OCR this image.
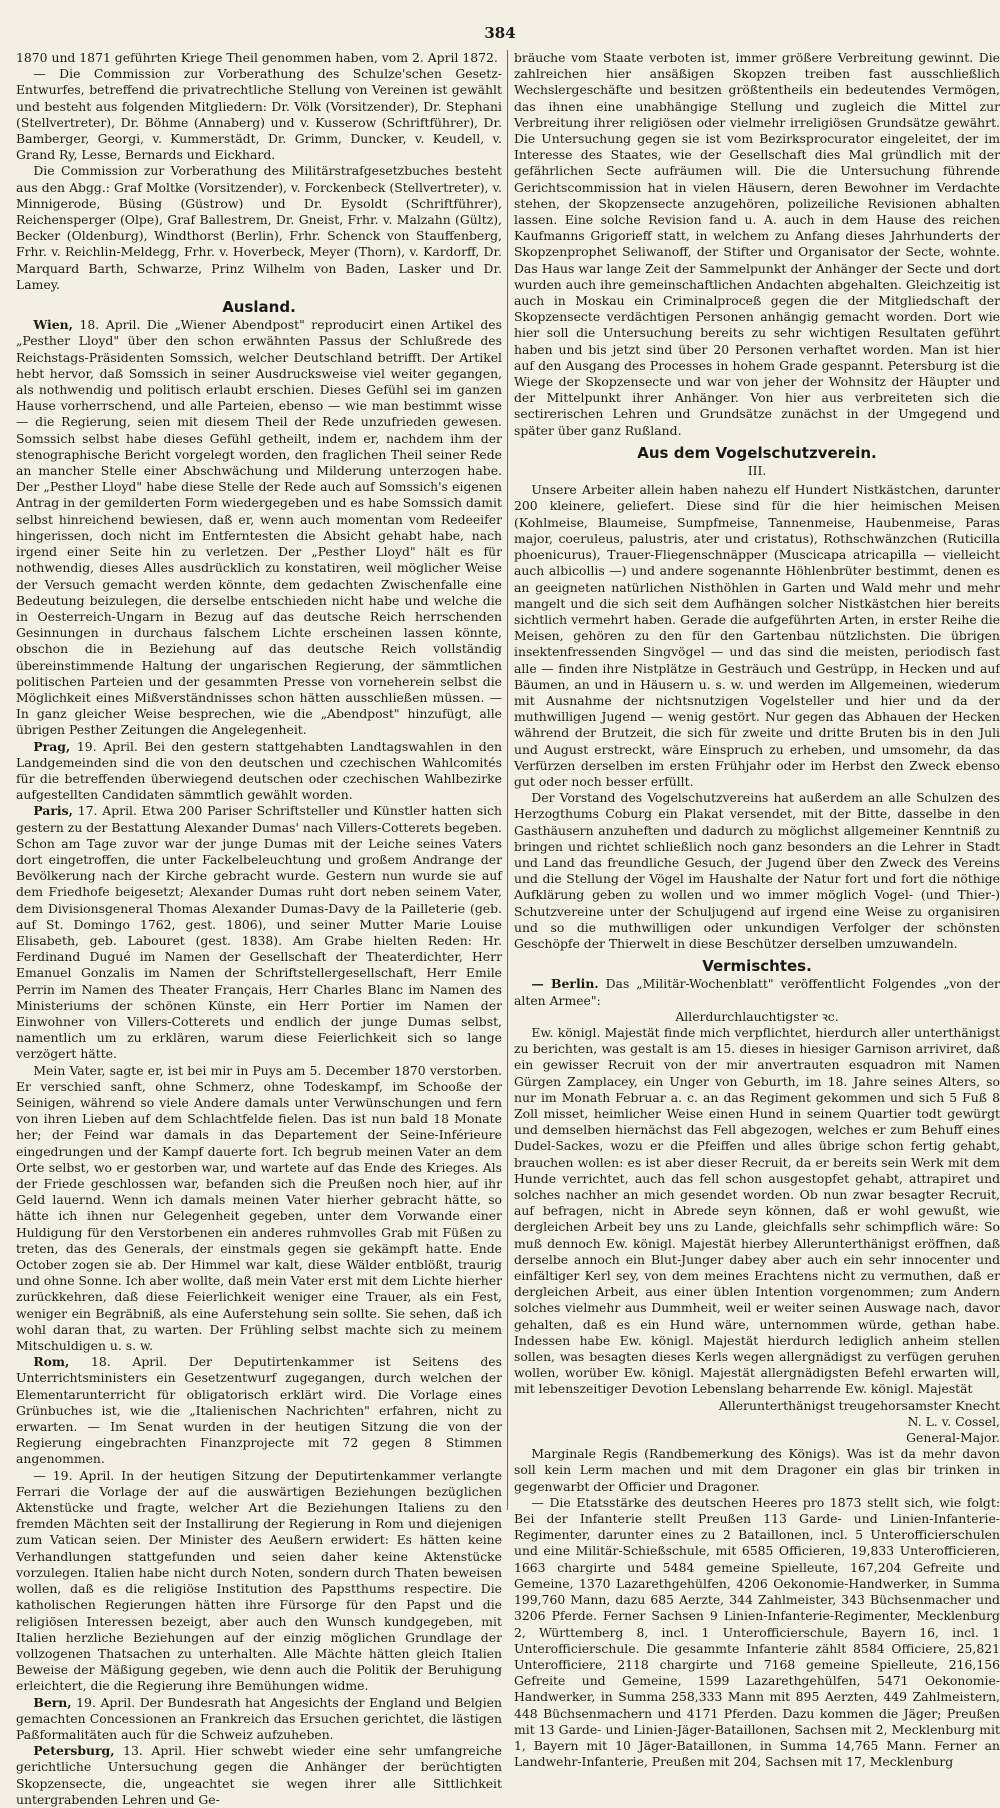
384

1870 und 1871 geführten Kriege Theil genommen haben, vom 2. April 1872.

— Die Commission zur Vorberathung des Schulze'schen Gesetz-Entwurfes, betreffend die privatrechtliche Stellung von Vereinen ist gewählt und besteht aus folgenden Mitgliedern: Dr. Völk (Vorsitzender), Dr. Stephani (Stellvertreter), Dr. Böhme (Annaberg) und v. Kusserow (Schriftführer), Dr. Bamberger, Georgi, v. Kummerstädt, Dr. Grimm, Duncker, v. Keudell, v. Grand Ry, Lesse, Bernards und Eickhard.

Die Commission zur Vorberathung des Militärstrafgesetzbuches besteht aus den Abgg.: Graf Moltke (Vorsitzender), v. Forckenbeck (Stellvertreter), v. Minnigerode, Büsing (Güstrow) und Dr. Eysoldt (Schriftführer), Reichensperger (Olpe), Graf Ballestrem, Dr. Gneist, Frhr. v. Malzahn (Gültz), Becker (Oldenburg), Windthorst (Berlin), Frhr. Schenck von Stauffenberg, Frhr. v. Reichlin-Meldegg, Frhr. v. Hoverbeck, Meyer (Thorn), v. Kardorff, Dr. Marquard Barth, Schwarze, Prinz Wilhelm von Baden, Lasker und Dr. Lamey.

Ausland.

Wien, 18. April. Die „Wiener Abendpost" reproducirt einen Artikel des „Pesther Lloyd" über den schon erwähnten Passus der Schlußrede des Reichstags-Präsidenten Somssich, welcher Deutschland betrifft. Der Artikel hebt hervor, daß Somssich in seiner Ausdrucksweise viel weiter gegangen, als nothwendig und politisch erlaubt erschien. Dieses Gefühl sei im ganzen Hause vorherrschend, und alle Parteien, ebenso — wie man bestimmt wisse — die Regierung, seien mit diesem Theil der Rede unzufrieden gewesen. Somssich selbst habe dieses Gefühl getheilt, indem er, nachdem ihm der stenographische Bericht vorgelegt worden, den fraglichen Theil seiner Rede an mancher Stelle einer Abschwächung und Milderung unterzogen habe. Der „Pesther Lloyd" habe diese Stelle der Rede auch auf Somssich's eigenen Antrag in der gemilderten Form wiedergegeben und es habe Somssich damit selbst hinreichend bewiesen, daß er, wenn auch momentan vom Redeeifer hingerissen, doch nicht im Entferntesten die Absicht gehabt habe, nach irgend einer Seite hin zu verletzen. Der „Pesther Lloyd" hält es für nothwendig, dieses Alles ausdrücklich zu konstatiren, weil möglicher Weise der Versuch gemacht werden könnte, dem gedachten Zwischenfalle eine Bedeutung beizulegen, die derselbe entschieden nicht habe und welche die in Oesterreich-Ungarn in Bezug auf das deutsche Reich herrschenden Gesinnungen in durchaus falschem Lichte erscheinen lassen könnte, obschon die in Beziehung auf das deutsche Reich vollständig übereinstimmende Haltung der ungarischen Regierung, der sämmtlichen politischen Parteien und der gesammten Presse von vorneherein selbst die Möglichkeit eines Mißverständnisses schon hätten ausschließen müssen. — In ganz gleicher Weise besprechen, wie die „Abendpost" hinzufügt, alle übrigen Pesther Zeitungen die Angelegenheit.

Prag, 19. April. Bei den gestern stattgehabten Landtagswahlen in den Landgemeinden sind die von den deutschen und czechischen Wahlcomités für die betreffenden überwiegend deutschen oder czechischen Wahlbezirke aufgestellten Candidaten sämmtlich gewählt worden.

Paris, 17. April. Etwa 200 Pariser Schriftsteller und Künstler hatten sich gestern zu der Bestattung Alexander Dumas' nach Villers-Cotterets begeben. Schon am Tage zuvor war der junge Dumas mit der Leiche seines Vaters dort eingetroffen, die unter Fackelbeleuchtung und großem Andrange der Bevölkerung nach der Kirche gebracht wurde. Gestern nun wurde sie auf dem Friedhofe beigesetzt; Alexander Dumas ruht dort neben seinem Vater, dem Divisionsgeneral Thomas Alexander Dumas-Davy de la Pailleterie (geb. auf St. Domingo 1762, gest. 1806), und seiner Mutter Marie Louise Elisabeth, geb. Labouret (gest. 1838). Am Grabe hielten Reden: Hr. Ferdinand Dugué im Namen der Gesellschaft der Theaterdichter, Herr Emanuel Gonzalis im Namen der Schriftstellergesellschaft, Herr Emile Perrin im Namen des Theater Français, Herr Charles Blanc im Namen des Ministeriums der schönen Künste, ein Herr Portier im Namen der Einwohner von Villers-Cotterets und endlich der junge Dumas selbst, namentlich um zu erklären, warum diese Feierlichkeit sich so lange verzögert hätte.

Mein Vater, sagte er, ist bei mir in Puys am 5. December 1870 verstorben. Er verschied sanft, ohne Schmerz, ohne Todeskampf, im Schooße der Seinigen, während so viele Andere damals unter Verwünschungen und fern von ihren Lieben auf dem Schlachtfelde fielen. Das ist nun bald 18 Monate her; der Feind war damals in das Departement der Seine-Inférieure eingedrungen und der Kampf dauerte fort. Ich begrub meinen Vater an dem Orte selbst, wo er gestorben war, und wartete auf das Ende des Krieges. Als der Friede geschlossen war, befanden sich die Preußen noch hier, auf ihr Geld lauernd. Wenn ich damals meinen Vater hierher gebracht hätte, so hätte ich ihnen nur Gelegenheit gegeben, unter dem Vorwande einer Huldigung für den Verstorbenen ein anderes ruhmvolles Grab mit Füßen zu treten, das des Generals, der einstmals gegen sie gekämpft hatte. Ende October zogen sie ab. Der Himmel war kalt, diese Wälder entblößt, traurig und ohne Sonne. Ich aber wollte, daß mein Vater erst mit dem Lichte hierher zurückkehren, daß diese Feierlichkeit weniger eine Trauer, als ein Fest, weniger ein Begräbniß, als eine Auferstehung sein sollte. Sie sehen, daß ich wohl daran that, zu warten. Der Frühling selbst machte sich zu meinem Mitschuldigen u. s. w.

Rom, 18. April. Der Deputirtenkammer ist Seitens des Unterrichtsministers ein Gesetzentwurf zugegangen, durch welchen der Elementarunterricht für obligatorisch erklärt wird. Die Vorlage eines Grünbuches ist, wie die „Italienischen Nachrichten" erfahren, nicht zu erwarten. — Im Senat wurden in der heutigen Sitzung die von der Regierung eingebrachten Finanzprojecte mit 72 gegen 8 Stimmen angenommen.

— 19. April. In der heutigen Sitzung der Deputirtenkammer verlangte Ferrari die Vorlage der auf die auswärtigen Beziehungen bezüglichen Aktenstücke und fragte, welcher Art die Beziehungen Italiens zu den fremden Mächten seit der Installirung der Regierung in Rom und diejenigen zum Vatican seien. Der Minister des Aeußern erwidert: Es hätten keine Verhandlungen stattgefunden und seien daher keine Aktenstücke vorzulegen. Italien habe nicht durch Noten, sondern durch Thaten beweisen wollen, daß es die religiöse Institution des Papstthums respectire. Die katholischen Regierungen hätten ihre Fürsorge für den Papst und die religiösen Interessen bezeigt, aber auch den Wunsch kundgegeben, mit Italien herzliche Beziehungen auf der einzig möglichen Grundlage der vollzogenen Thatsachen zu unterhalten. Alle Mächte hätten gleich Italien Beweise der Mäßigung gegeben, wie denn auch die Politik der Beruhigung erleichtert, die die Regierung ihre Bemühungen widme.

Bern, 19. April. Der Bundesrath hat Angesichts der England und Belgien gemachten Concessionen an Frankreich das Ersuchen gerichtet, die lästigen Paßformalitäten auch für die Schweiz aufzuheben.

Petersburg, 13. April. Hier schwebt wieder eine sehr umfangreiche gerichtliche Untersuchung gegen die Anhänger der berüchtigten Skopzensecte, die, ungeachtet sie wegen ihrer alle Sittlichkeit untergrabenden Lehren und Ge-

bräuche vom Staate verboten ist, immer größere Verbreitung gewinnt. Die zahlreichen hier ansäßigen Skopzen treiben fast ausschließlich Wechslergeschäfte und besitzen größtentheils ein bedeutendes Vermögen, das ihnen eine unabhängige Stellung und zugleich die Mittel zur Verbreitung ihrer religiösen oder vielmehr irreligiösen Grundsätze gewährt. Die Untersuchung gegen sie ist vom Bezirksprocurator eingeleitet, der im Interesse des Staates, wie der Gesellschaft dies Mal gründlich mit der gefährlichen Secte aufräumen will. Die die Untersuchung führende Gerichtscommission hat in vielen Häusern, deren Bewohner im Verdachte stehen, der Skopzensecte anzugehören, polizeiliche Revisionen abhalten lassen. Eine solche Revision fand u. A. auch in dem Hause des reichen Kaufmanns Grigorieff statt, in welchem zu Anfang dieses Jahrhunderts der Skopzenprophet Seliwanoff, der Stifter und Organisator der Secte, wohnte. Das Haus war lange Zeit der Sammelpunkt der Anhänger der Secte und dort wurden auch ihre gemeinschaftlichen Andachten abgehalten. Gleichzeitig ist auch in Moskau ein Criminalproceß gegen die der Mitgliedschaft der Skopzensecte verdächtigen Personen anhängig gemacht worden. Dort wie hier soll die Untersuchung bereits zu sehr wichtigen Resultaten geführt haben und bis jetzt sind über 20 Personen verhaftet worden. Man ist hier auf den Ausgang des Processes in hohem Grade gespannt. Petersburg ist die Wiege der Skopzensecte und war von jeher der Wohnsitz der Häupter und der Mittelpunkt ihrer Anhänger. Von hier aus verbreiteten sich die sectirerischen Lehren und Grundsätze zunächst in der Umgegend und später über ganz Rußland.

Aus dem Vogelschutzverein.
III.

Unsere Arbeiter allein haben nahezu elf Hundert Nistkästchen, darunter 200 kleinere, geliefert. Diese sind für die hier heimischen Meisen (Kohlmeise, Blaumeise, Sumpfmeise, Tannenmeise, Haubenmeise, Paras major, coeruleus, palustris, ater und cristatus), Rothschwänzchen (Ruticilla phoenicurus), Trauer-Fliegenschnäpper (Muscicapa atricapilla — vielleicht auch albicollis —) und andere sogenannte Höhlenbrüter bestimmt, denen es an geeigneten natürlichen Nisthöhlen in Garten und Wald mehr und mehr mangelt und die sich seit dem Aufhängen solcher Nistkästchen hier bereits sichtlich vermehrt haben. Gerade die aufgeführten Arten, in erster Reihe die Meisen, gehören zu den für den Gartenbau nützlichsten. Die übrigen insektenfressenden Singvögel — und das sind die meisten, periodisch fast alle — finden ihre Nistplätze in Gesträuch und Gestrüpp, in Hecken und auf Bäumen, an und in Häusern u. s. w. und werden im Allgemeinen, wiederum mit Ausnahme der nichtsnutzigen Vogelsteller und hier und da der muthwilligen Jugend — wenig gestört. Nur gegen das Abhauen der Hecken während der Brutzeit, die sich für zweite und dritte Bruten bis in den Juli und August erstreckt, wäre Einspruch zu erheben, und umsomehr, da das Verfürzen derselben im ersten Frühjahr oder im Herbst den Zweck ebenso gut oder noch besser erfüllt.

Der Vorstand des Vogelschutzvereins hat außerdem an alle Schulzen des Herzogthums Coburg ein Plakat versendet, mit der Bitte, dasselbe in den Gasthäusern anzuheften und dadurch zu möglichst allgemeiner Kenntniß zu bringen und richtet schließlich noch ganz besonders an die Lehrer in Stadt und Land das freundliche Gesuch, der Jugend über den Zweck des Vereins und die Stellung der Vögel im Haushalte der Natur fort und fort die nöthige Aufklärung geben zu wollen und wo immer möglich Vogel- (und Thier-) Schutzvereine unter der Schuljugend auf irgend eine Weise zu organisiren und so die muthwilligen oder unkundigen Verfolger der schönsten Geschöpfe der Thierwelt in diese Beschützer derselben umzuwandeln.

Vermischtes.

— Berlin. Das „Militär-Wochenblatt" veröffentlicht Folgendes „von der alten Armee":

Allerdurchlauchtigster ꝛc.

Ew. königl. Majestät finde mich verpflichtet, hierdurch aller unterthänigst zu berichten, was gestalt is am 15. dieses in hiesiger Garnison arriviret, daß ein gewisser Recruit von der mir anvertrauten esquadron mit Namen Gürgen Zamplacey, ein Unger von Geburth, im 18. Jahre seines Alters, so nur im Monath Februar a. c. an das Regiment gekommen und sich 5 Fuß 8 Zoll misset, heimlicher Weise einen Hund in seinem Quartier todt gewürgt und demselben hiernächst das Fell abgezogen, welches er zum Behuff eines Dudel-Sackes, wozu er die Pfeiffen und alles übrige schon fertig gehabt, brauchen wollen: es ist aber dieser Recruit, da er bereits sein Werk mit dem Hunde verrichtet, auch das fell schon ausgestopfet gehabt, attrapiret und solches nachher an mich gesendet worden. Ob nun zwar besagter Recruit, auf befragen, nicht in Abrede seyn können, daß er wohl gewußt, wie dergleichen Arbeit bey uns zu Lande, gleichfalls sehr schimpflich wäre: So muß dennoch Ew. königl. Majestät hierbey Allerunterthänigst eröffnen, daß derselbe annoch ein Blut-Junger dabey aber auch ein sehr innocenter und einfältiger Kerl sey, von dem meines Erachtens nicht zu vermuthen, daß er dergleichen Arbeit, aus einer üblen Intention vorgenommen; zum Andern solches vielmehr aus Dummheit, weil er weiter seinen Auswage nach, davor gehalten, daß es ein Hund wäre, unternommen würde, gethan habe. Indessen habe Ew. königl. Majestät hierdurch lediglich anheim stellen sollen, was besagten dieses Kerls wegen allergnädigst zu verfügen geruhen wollen, worüber Ew. königl. Majestät allergnädigsten Befehl erwarten will, mit lebenszeitiger Devotion Lebenslang beharrende Ew. königl. Majestät

Allerunterthänigst treugehorsamster Knecht

N. L. v. Cossel,

General-Major.

Marginale Regis (Randbemerkung des Königs). Was ist da mehr davon soll kein Lerm machen und mit dem Dragoner ein glas bir trinken in gegenwarbt der Officier und Dragoner.

— Die Etatsstärke des deutschen Heeres pro 1873 stellt sich, wie folgt: Bei der Infanterie stellt Preußen 113 Garde- und Linien-Infanterie-Regimenter, darunter eines zu 2 Bataillonen, incl. 5 Unterofficierschulen und eine Militär-Schießschule, mit 6585 Officieren, 19,833 Unterofficieren, 1663 chargirte und 5484 gemeine Spielleute, 167,204 Gefreite und Gemeine, 1370 Lazarethgehülfen, 4206 Oekonomie-Handwerker, in Summa 199,760 Mann, dazu 685 Aerzte, 344 Zahlmeister, 343 Büchsenmacher und 3206 Pferde. Ferner Sachsen 9 Linien-Infanterie-Regimenter, Mecklenburg 2, Württemberg 8, incl. 1 Unterofficierschule, Bayern 16, incl. 1 Unterofficierschule. Die gesammte Infanterie zählt 8584 Officiere, 25,821 Unterofficiere, 2118 chargirte und 7168 gemeine Spielleute, 216,156 Gefreite und Gemeine, 1599 Lazarethgehülfen, 5471 Oekonomie-Handwerker, in Summa 258,333 Mann mit 895 Aerzten, 449 Zahlmeistern, 448 Büchsenmachern und 4171 Pferden. Dazu kommen die Jäger; Preußen mit 13 Garde- und Linien-Jäger-Bataillonen, Sachsen mit 2, Mecklenburg mit 1, Bayern mit 10 Jäger-Bataillonen, in Summa 14,765 Mann. Ferner an Landwehr-Infanterie, Preußen mit 204, Sachsen mit 17, Mecklenburg
